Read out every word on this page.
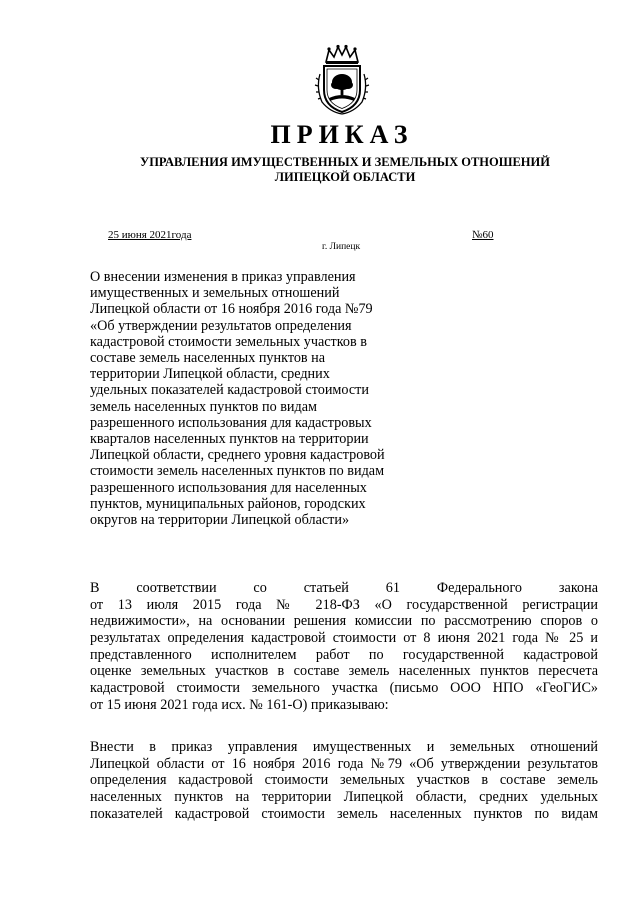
ПРИКАЗ
УПРАВЛЕНИЯ ИМУЩЕСТВЕННЫХ И ЗЕМЕЛЬНЫХ ОТНОШЕНИЙ
ЛИПЕЦКОЙ ОБЛАСТИ
25 июня 2021года	№60
г. Липецк
О внесении изменения в приказ управления
имущественных и земельных отношений
Липецкой области от 16 ноября 2016 года №79
«Об утверждении результатов определения
кадастровой стоимости земельных участков в
составе земель населенных пунктов на
территории Липецкой области, средних
удельных показателей кадастровой стоимости
земель населенных пунктов по видам
разрешенного использования для кадастровых
кварталов населенных пунктов на территории
Липецкой области, среднего уровня кадастровой
стоимости земель населенных пунктов по видам
разрешенного использования для населенных
пунктов, муниципальных районов, городских
округов на территории Липецкой области»
В соответствии со статьей 61 Федерального закона
от 13 июля 2015 года № 218-ФЗ «О государственной регистрации
недвижимости», на основании решения комиссии по рассмотрению споров о
результатах определения кадастровой стоимости от 8 июня 2021 года № 25 и
представленного исполнителем работ по государственной кадастровой
оценке земельных участков в составе земель населенных пунктов пересчета
кадастровой стоимости земельного участка (письмо ООО НПО «ГеоГИС»
от 15 июня 2021 года исх. № 161-О) приказываю:
Внести в приказ управления имущественных и земельных отношений
Липецкой области от 16 ноября 2016 года №79 «Об утверждении результатов
определения кадастровой стоимости земельных участков в составе земель
населенных пунктов на территории Липецкой области, средних удельных
показателей кадастровой стоимости земель населенных пунктов по видам
